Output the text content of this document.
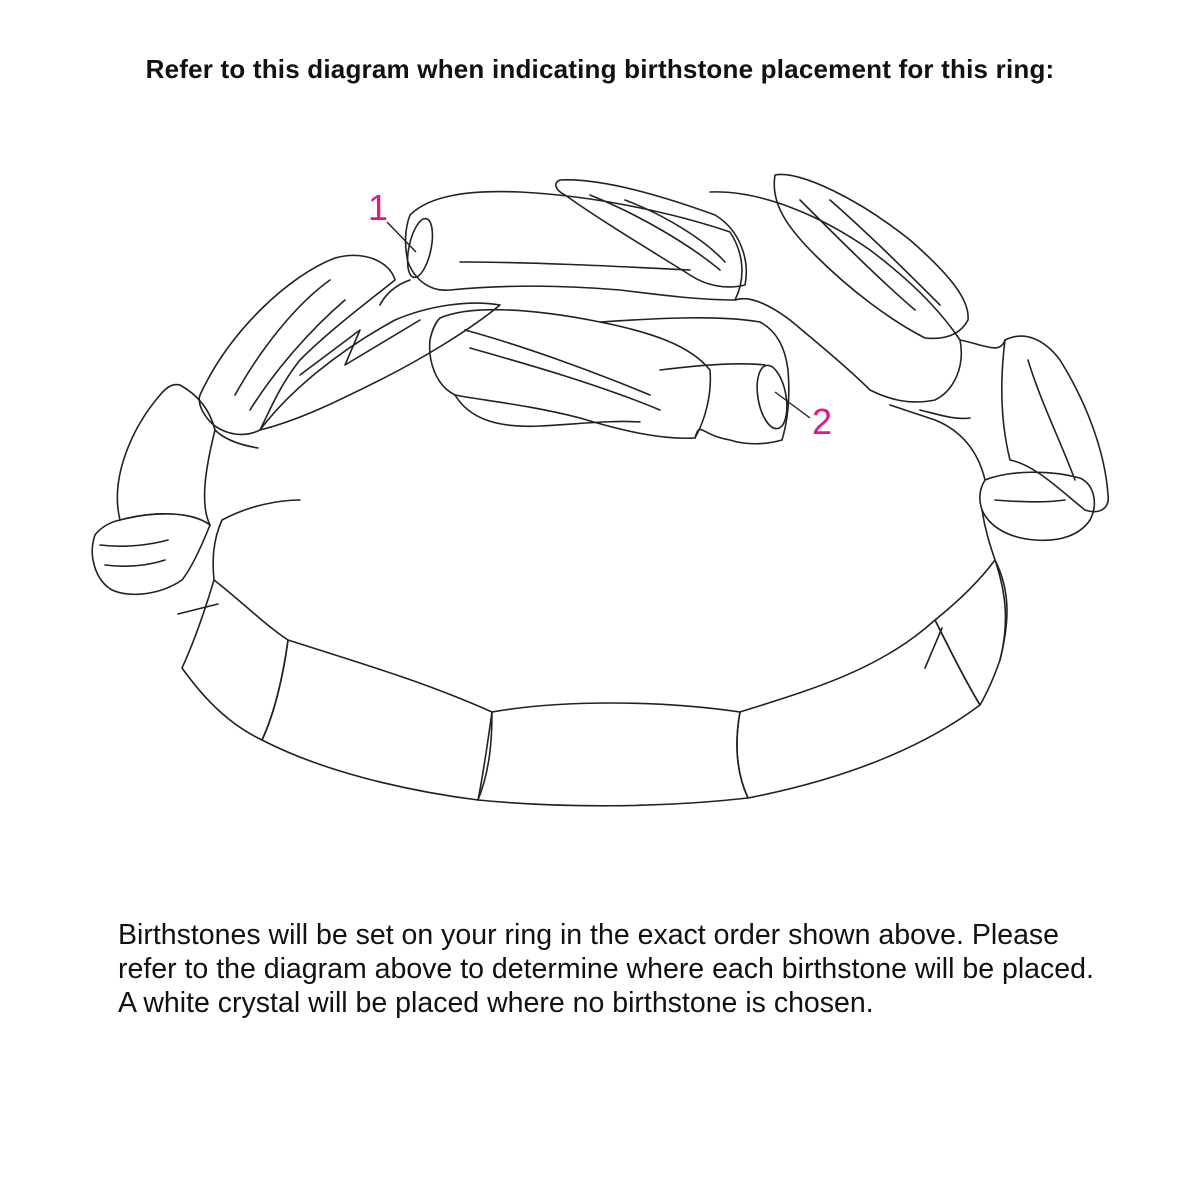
Refer to this diagram when indicating birthstone placement for this ring:
1
2

Birthstones will be set on your ring in the exact order shown above. Please refer to the diagram above to determine where each birthstone will be placed. A white crystal will be placed where no birthstone is chosen.
